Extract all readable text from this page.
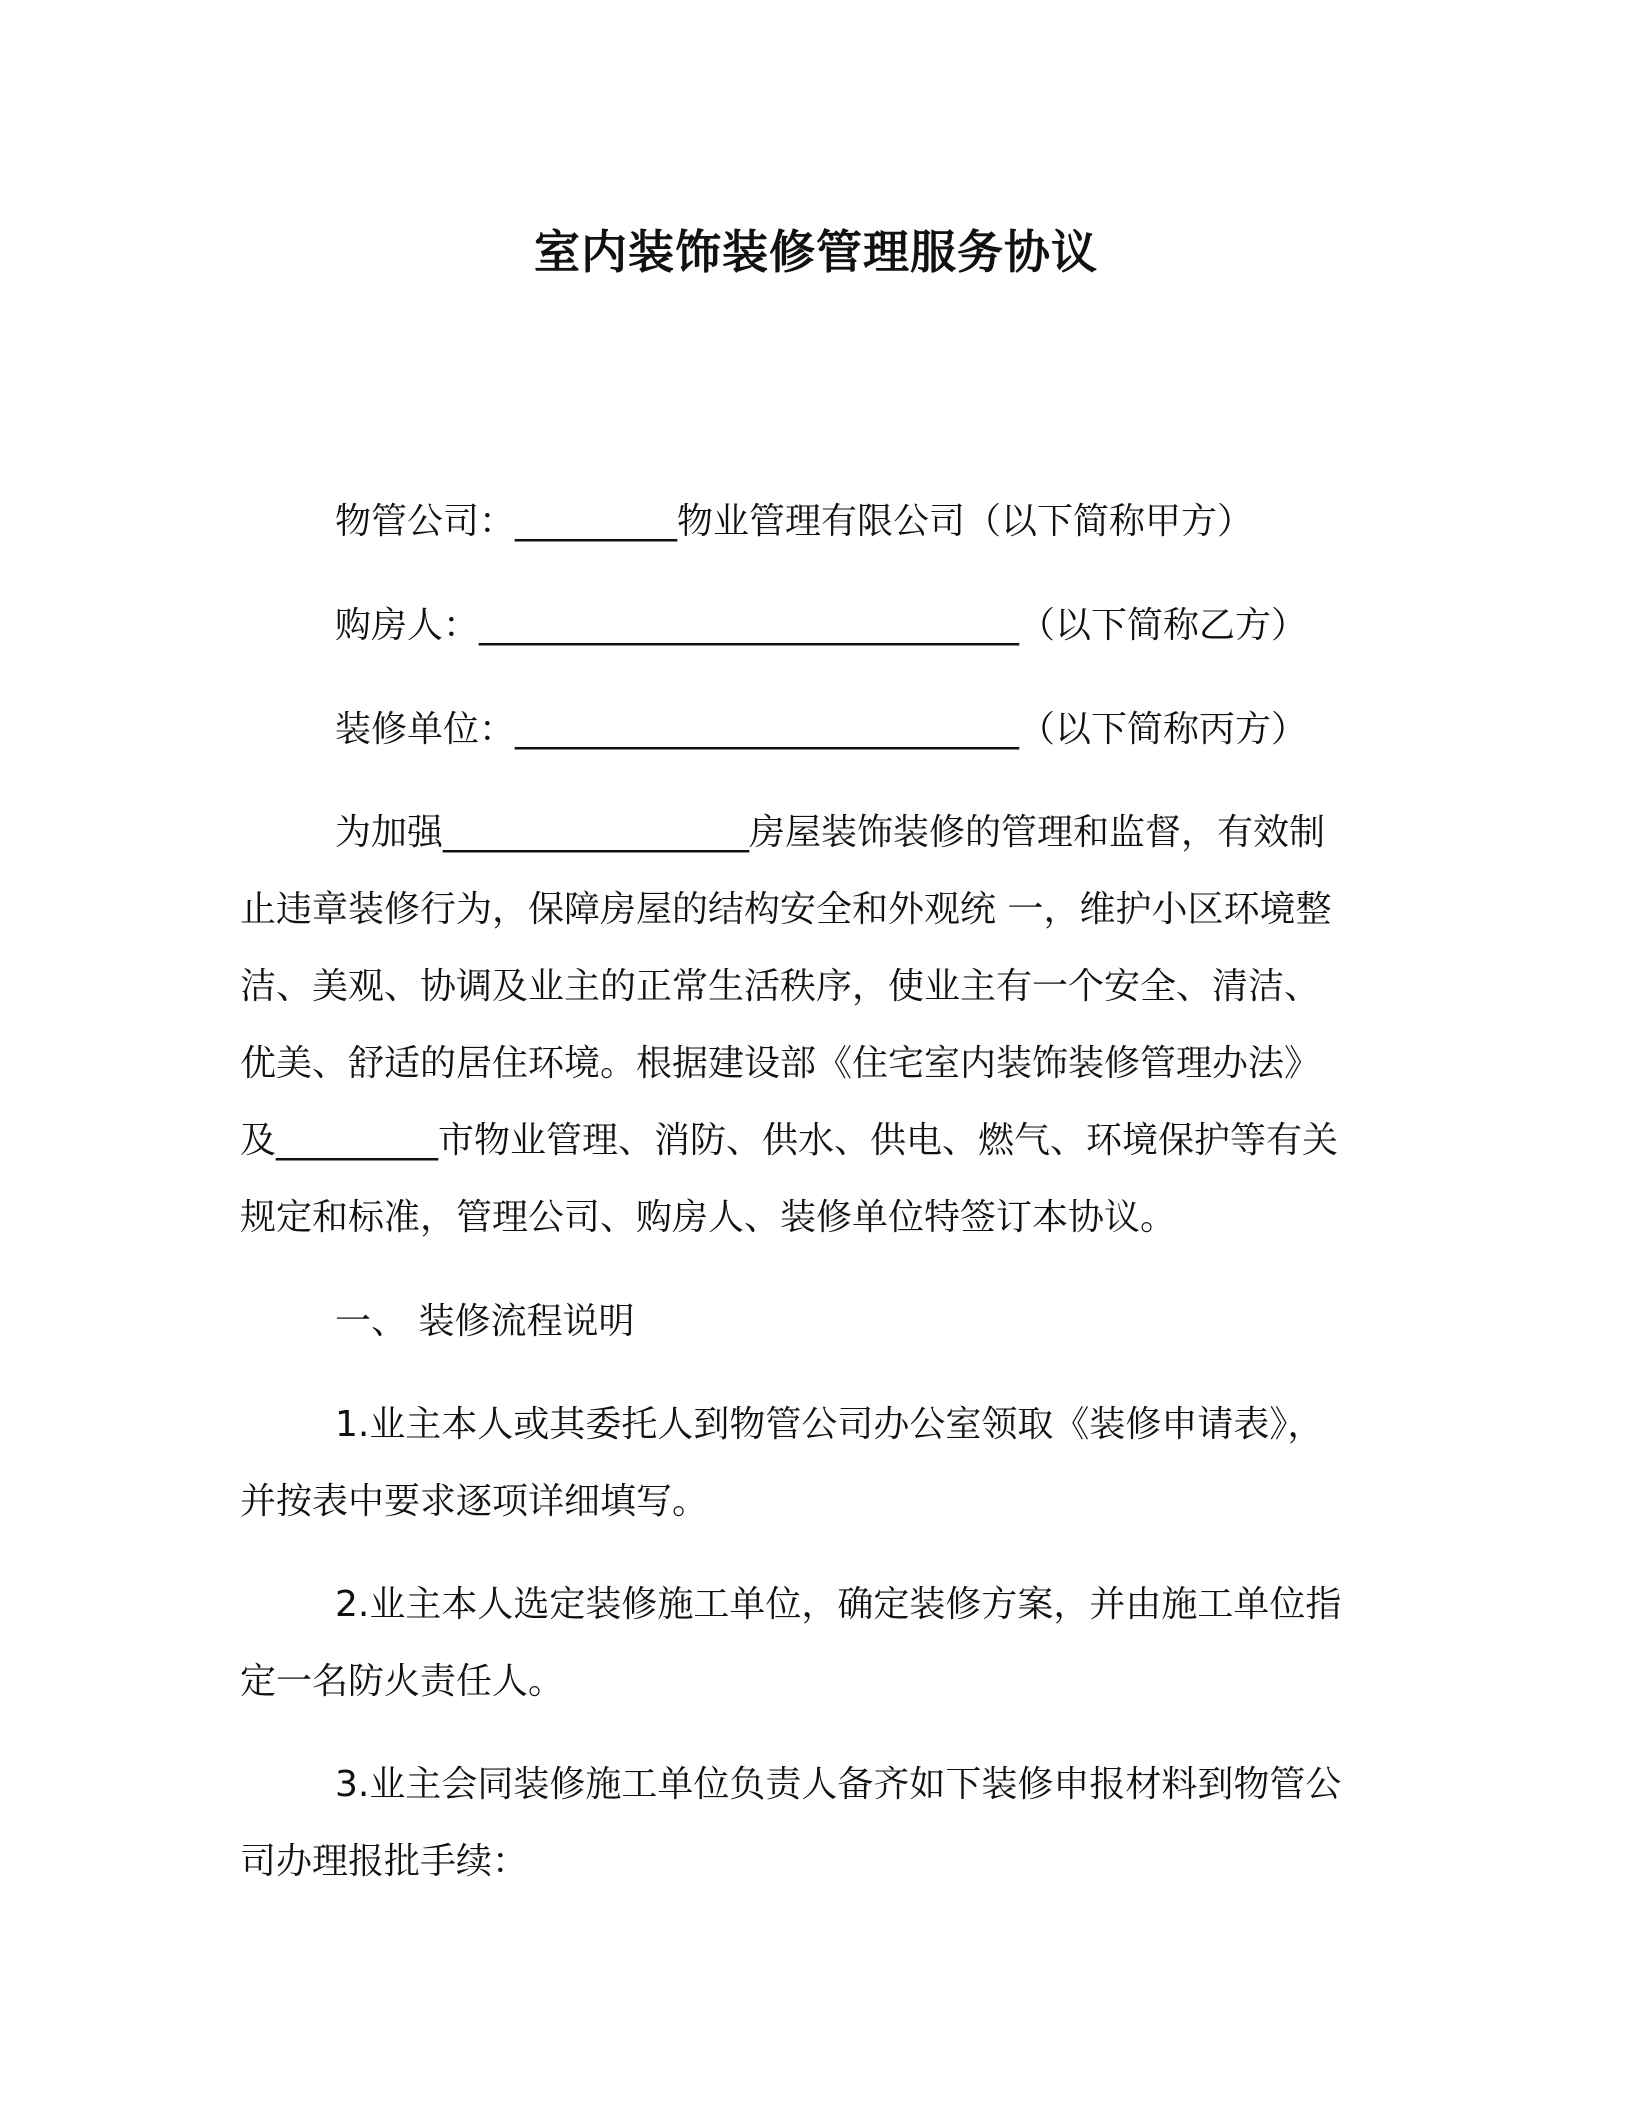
室内装饰装修管理服务协议
物管公司：_________物业管理有限公司（以下简称甲方）
购房人：______________________________（以下简称乙方）
装修单位：____________________________（以下简称丙方）
为加强_________________房屋装饰装修的管理和监督，有效制
止违章装修行为，保障房屋的结构安全和外观统 一，维护小区环境整
洁、美观、协调及业主的正常生活秩序，使业主有一个安全、清洁、
优美、舒适的居住环境。根据建设部《住宅室内装饰装修管理办法》
及_________市物业管理、消防、供水、供电、燃气、环境保护等有关
规定和标准，管理公司、购房人、装修单位特签订本协议。
一、 装修流程说明
1.业主本人或其委托人到物管公司办公室领取《装修申请表》，
并按表中要求逐项详细填写。
2.业主本人选定装修施工单位，确定装修方案，并由施工单位指
定一名防火责任人。
3.业主会同装修施工单位负责人备齐如下装修申报材料到物管公
司办理报批手续：
